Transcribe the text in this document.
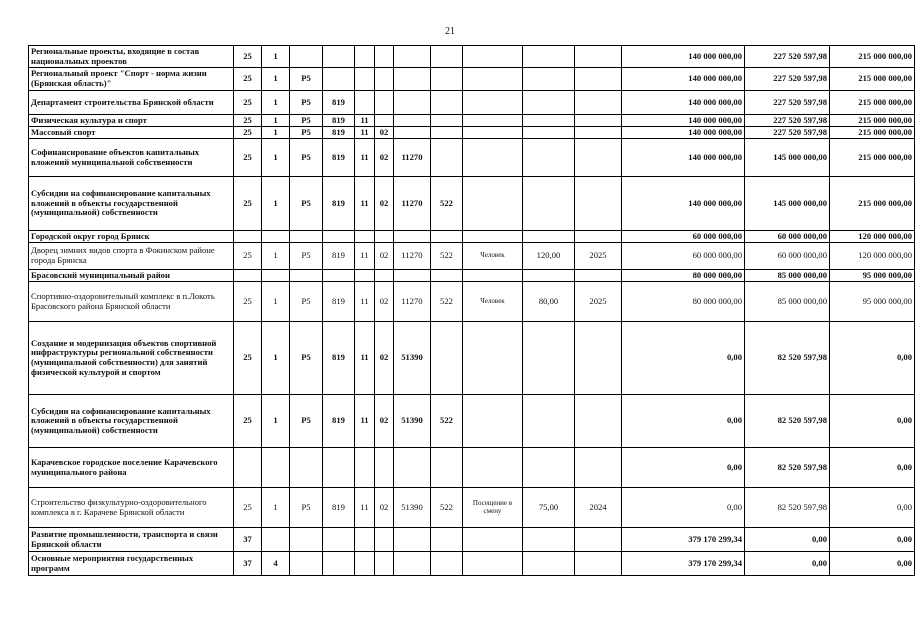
21
Региональные проекты, входящие в состав национальных проектов	25	1										140 000 000,00	227 520 597,98	215 000 000,00
Региональный проект "Спорт - норма жизни (Брянская область)"	25	1	P5									140 000 000,00	227 520 597,98	215 000 000,00
Департамент строительства Брянской области	25	1	P5	819								140 000 000,00	227 520 597,98	215 000 000,00
Физическая культура и спорт	25	1	P5	819	11							140 000 000,00	227 520 597,98	215 000 000,00
Массовый спорт	25	1	P5	819	11	02						140 000 000,00	227 520 597,98	215 000 000,00
Софинансирование объектов капитальных вложений муниципальной собственности	25	1	P5	819	11	02	11270					140 000 000,00	145 000 000,00	215 000 000,00
Субсидии на софинансирование капитальных вложений в объекты государственной (муниципальной) собственности	25	1	P5	819	11	02	11270	522				140 000 000,00	145 000 000,00	215 000 000,00
Городской округ город Брянск												60 000 000,00	60 000 000,00	120 000 000,00
Дворец зимних видов спорта в Фокинском районе города Брянска	25	1	P5	819	11	02	11270	522	Человек	120,00	2025	60 000 000,00	60 000 000,00	120 000 000,00
Брасовский муниципальный район												80 000 000,00	85 000 000,00	95 000 000,00
Спортивно-оздоровительный комплекс в п.Локоть Брасовского района Брянской области	25	1	P5	819	11	02	11270	522	Человек	80,00	2025	80 000 000,00	85 000 000,00	95 000 000,00
Создание и модернизация объектов спортивной инфраструктуры региональной собственности (муниципальной собственности) для занятий физической культурой и спортом	25	1	P5	819	11	02	51390					0,00	82 520 597,98	0,00
Субсидии на софинансирование капитальных вложений в объекты государственной (муниципальной) собственности	25	1	P5	819	11	02	51390	522				0,00	82 520 597,98	0,00
Карачевское городское поселение Карачевского муниципального района												0,00	82 520 597,98	0,00
Строительство физкультурно-оздоровительного комплекса в г. Карачеве Брянской области	25	1	P5	819	11	02	51390	522	Посещение в смену	75,00	2024	0,00	82 520 597,98	0,00
Развитие промышленности, транспорта и связи Брянской области	37											379 170 299,34	0,00	0,00
Основные мероприятия государственных программ	37	4										379 170 299,34	0,00	0,00
